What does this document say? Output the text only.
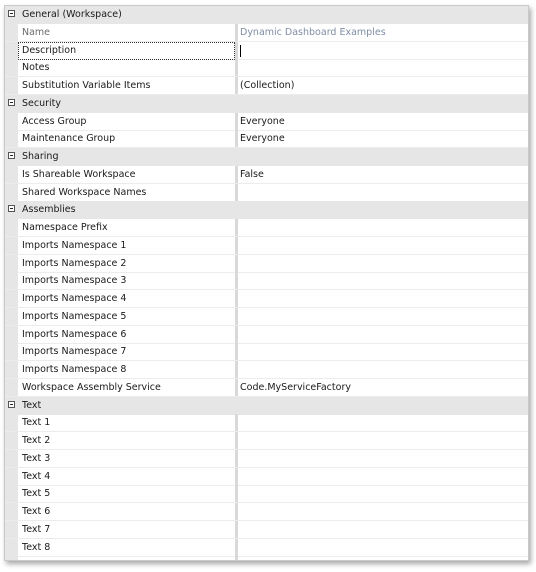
General (Workspace)
Name	Dynamic Dashboard Examples
Description
Notes
Substitution Variable Items	(Collection)
Security
Access Group	Everyone
Maintenance Group	Everyone
Sharing
Is Shareable Workspace	False
Shared Workspace Names
Assemblies
Namespace Prefix
Imports Namespace 1
Imports Namespace 2
Imports Namespace 3
Imports Namespace 4
Imports Namespace 5
Imports Namespace 6
Imports Namespace 7
Imports Namespace 8
Workspace Assembly Service	Code.MyServiceFactory
Text
Text 1
Text 2
Text 3
Text 4
Text 5
Text 6
Text 7
Text 8
